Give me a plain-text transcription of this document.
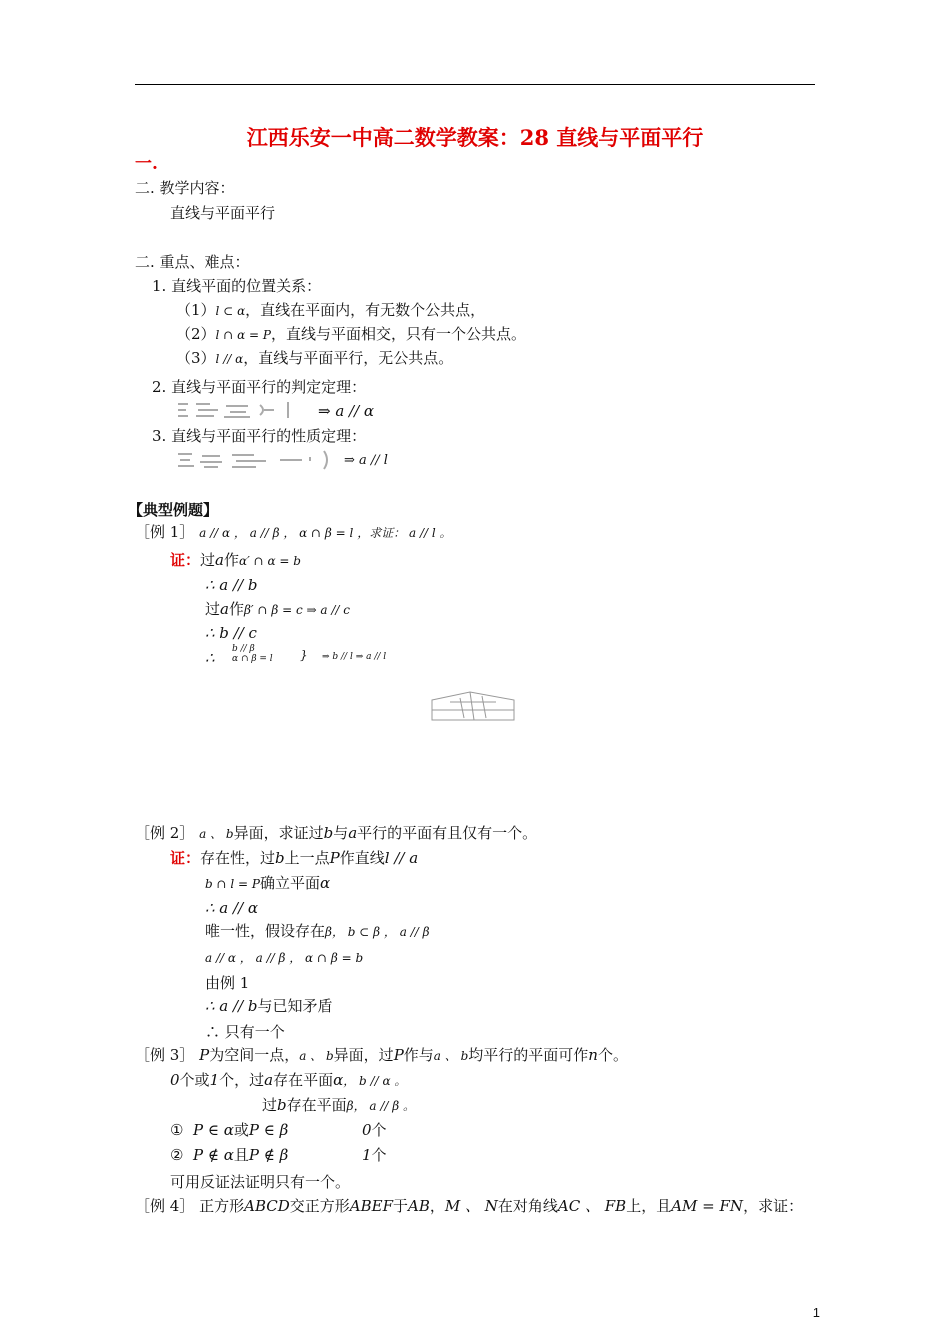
江西乐安一中高二数学教案：28 直线与平面平行
一.
二. 教学内容：
直线与平面平行
二. 重点、难点：
1. 直线平面的位置关系：
（1）l ⊂ α，直线在平面内，有无数个公共点，
（2）l ∩ α = P，直线与平面相交，只有一个公共点。
（3）l // α，直线与平面平行，无公共点。
2. 直线与平面平行的判定定理：
⇒ a // α
3. 直线与平面平行的性质定理：
⇒ a // l
【典型例题】
［例 1］ a // α ， a // β ， α ∩ β = l ，求证： a // l 。
证：过a作α′ ∩ α = b
∴ a // b
过a作β′ ∩ β = c ⇒ a // c
∴ b // c
∴ b // β
α ∩ β = l } ⇒ b // l ⇒ a // l
［例 2］ a 、 b异面，求证过b与a平行的平面有且仅有一个。
证：存在性，过b上一点P作直线l // a
b ∩ l = P确立平面α
∴ a // α
唯一性，假设存在β， b ⊂ β ， a // β
a // α ， a // β ， α ∩ β = b
由例 1
∴ a // b与已知矛盾
∴ 只有一个
［例 3］ P为空间一点，a 、 b异面，过P作与a 、 b均平行的平面可作n个。
0个或1个，过a存在平面α， b // α 。
过b存在平面β， a // β 。
① P ∈ α或P ∈ β	0个
② P ∉ α且P ∉ β	1个
可用反证法证明只有一个。
［例 4］ 正方形ABCD交正方形ABEF于AB，M 、 N在对角线AC 、 FB上，且AM = FN，求证：
1
